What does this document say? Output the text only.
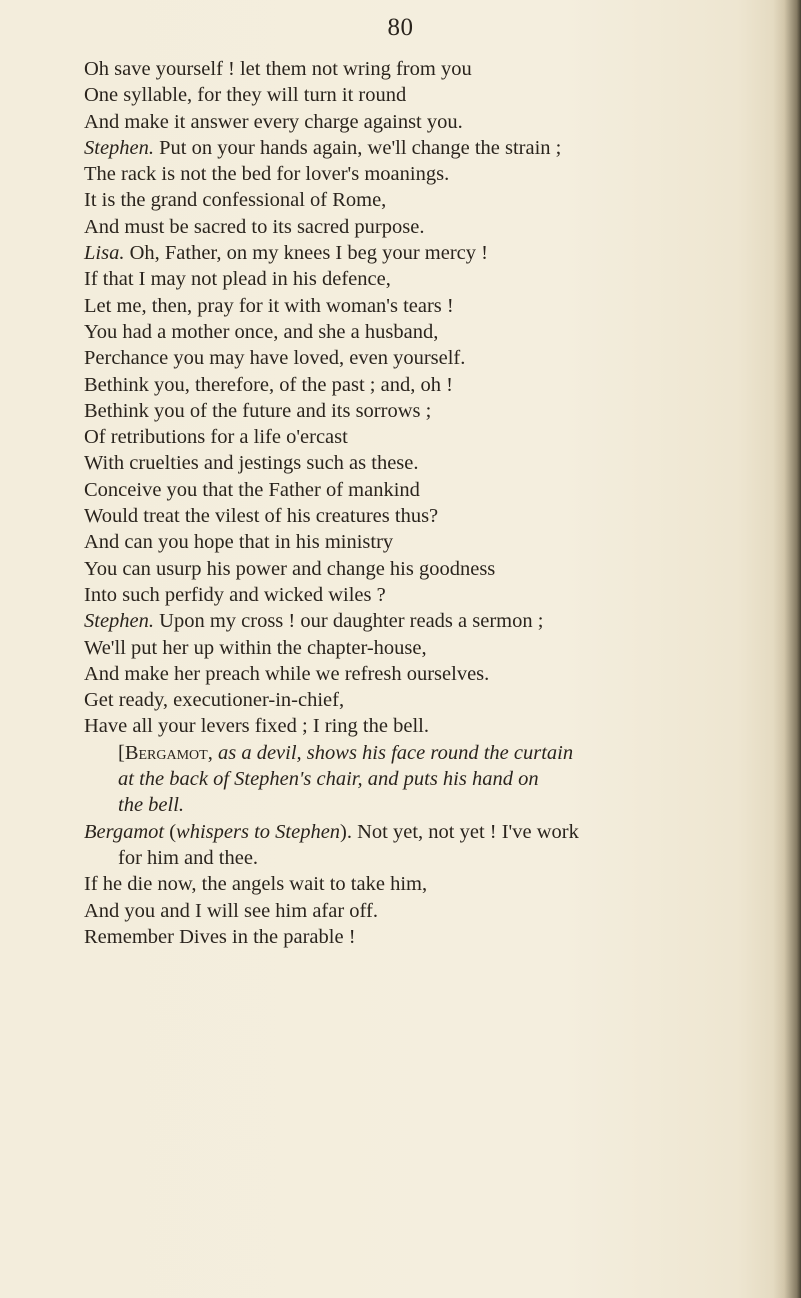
80
Oh save yourself ! let them not wring from you
One syllable, for they will turn it round
And make it answer every charge against you.
Stephen. Put on your hands again, we'll change the strain ;
The rack is not the bed for lover's moanings.
It is the grand confessional of Rome,
And must be sacred to its sacred purpose.
Lisa. Oh, Father, on my knees I beg your mercy !
If that I may not plead in his defence,
Let me, then, pray for it with woman's tears !
You had a mother once, and she a husband,
Perchance you may have loved, even yourself.
Bethink you, therefore, of the past ; and, oh !
Bethink you of the future and its sorrows ;
Of retributions for a life o'ercast
With cruelties and jestings such as these.
Conceive you that the Father of mankind
Would treat the vilest of his creatures thus?
And can you hope that in his ministry
You can usurp his power and change his goodness
Into such perfidy and wicked wiles ?
Stephen. Upon my cross ! our daughter reads a sermon ;
We'll put her up within the chapter-house,
And make her preach while we refresh ourselves.
Get ready, executioner-in-chief,
Have all your levers fixed ; I ring the bell.
[Bergamot, as a devil, shows his face round the curtain
at the back of Stephen's chair, and puts his hand on
the bell.
Bergamot (whispers to Stephen). Not yet, not yet ! I've work
for him and thee.
If he die now, the angels wait to take him,
And you and I will see him afar off.
Remember Dives in the parable !
